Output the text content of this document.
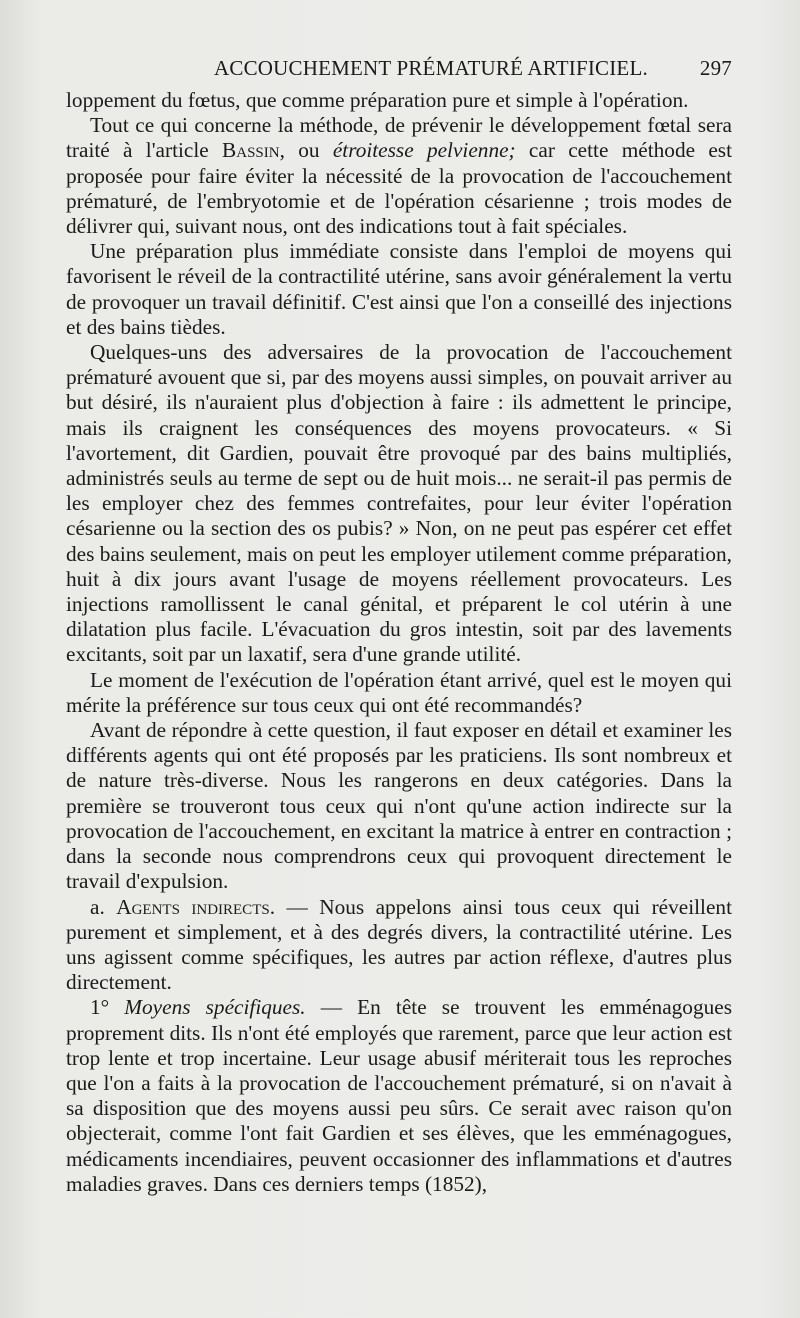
ACCOUCHEMENT PRÉMATURÉ ARTIFICIEL. 297

loppement du fœtus, que comme préparation pure et simple à l'opération.

Tout ce qui concerne la méthode, de prévenir le développement fœtal sera traité à l'article Bassin, ou étroitesse pelvienne; car cette méthode est proposée pour faire éviter la nécessité de la provocation de l'accouchement prématuré, de l'embryotomie et de l'opération césarienne ; trois modes de délivrer qui, suivant nous, ont des indications tout à fait spéciales.

Une préparation plus immédiate consiste dans l'emploi de moyens qui favorisent le réveil de la contractilité utérine, sans avoir généralement la vertu de provoquer un travail définitif. C'est ainsi que l'on a conseillé des injections et des bains tièdes.

Quelques-uns des adversaires de la provocation de l'accouchement prématuré avouent que si, par des moyens aussi simples, on pouvait arriver au but désiré, ils n'auraient plus d'objection à faire : ils admettent le principe, mais ils craignent les conséquences des moyens provocateurs. « Si l'avortement, dit Gardien, pouvait être provoqué par des bains multipliés, administrés seuls au terme de sept ou de huit mois... ne serait-il pas permis de les employer chez des femmes contrefaites, pour leur éviter l'opération césarienne ou la section des os pubis? » Non, on ne peut pas espérer cet effet des bains seulement, mais on peut les employer utilement comme préparation, huit à dix jours avant l'usage de moyens réellement provocateurs. Les injections ramollissent le canal génital, et préparent le col utérin à une dilatation plus facile. L'évacuation du gros intestin, soit par des lavements excitants, soit par un laxatif, sera d'une grande utilité.

Le moment de l'exécution de l'opération étant arrivé, quel est le moyen qui mérite la préférence sur tous ceux qui ont été recommandés?

Avant de répondre à cette question, il faut exposer en détail et examiner les différents agents qui ont été proposés par les praticiens. Ils sont nombreux et de nature très-diverse. Nous les rangerons en deux catégories. Dans la première se trouveront tous ceux qui n'ont qu'une action indirecte sur la provocation de l'accouchement, en excitant la matrice à entrer en contraction ; dans la seconde nous comprendrons ceux qui provoquent directement le travail d'expulsion.

a. Agents indirects. — Nous appelons ainsi tous ceux qui réveillent purement et simplement, et à des degrés divers, la contractilité utérine. Les uns agissent comme spécifiques, les autres par action réflexe, d'autres plus directement.

1° Moyens spécifiques. — En tête se trouvent les emménagogues proprement dits. Ils n'ont été employés que rarement, parce que leur action est trop lente et trop incertaine. Leur usage abusif mériterait tous les reproches que l'on a faits à la provocation de l'accouchement prématuré, si on n'avait à sa disposition que des moyens aussi peu sûrs. Ce serait avec raison qu'on objecterait, comme l'ont fait Gardien et ses élèves, que les emménagogues, médicaments incendiaires, peuvent occasionner des inflammations et d'autres maladies graves. Dans ces derniers temps (1852),
